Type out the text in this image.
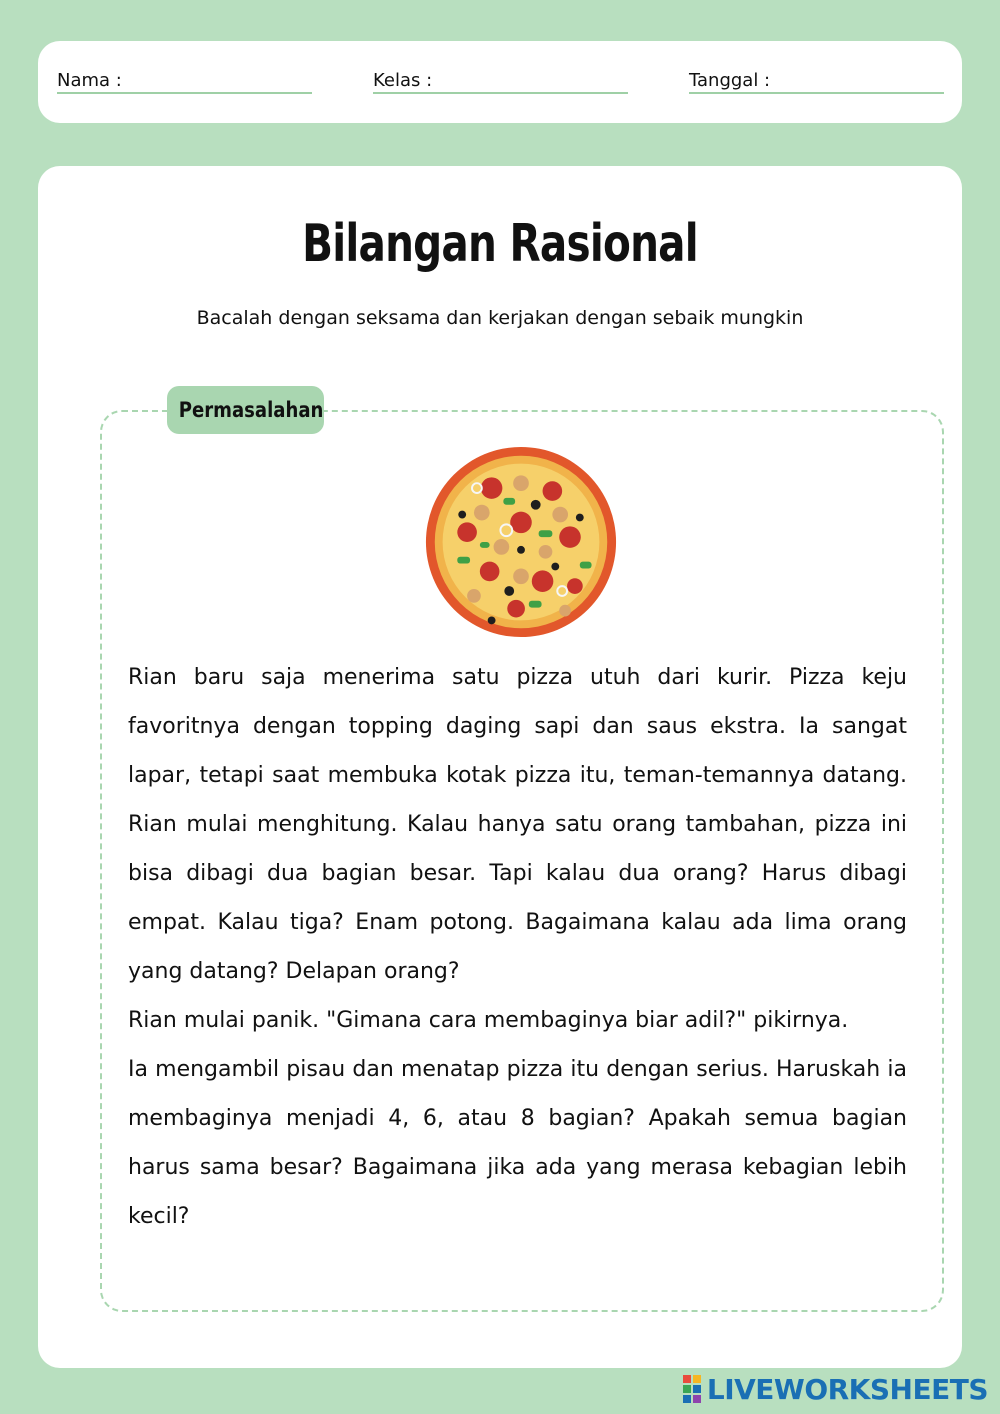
Nama :	Kelas :	Tanggal :
Bilangan Rasional
Bacalah dengan seksama dan kerjakan dengan sebaik mungkin
Permasalahan

Rian baru saja menerima satu pizza utuh dari kurir. Pizza keju favoritnya dengan topping daging sapi dan saus ekstra. Ia sangat lapar, tetapi saat membuka kotak pizza itu, teman-temannya datang. Rian mulai menghitung. Kalau hanya satu orang tambahan, pizza ini bisa dibagi dua bagian besar. Tapi kalau dua orang? Harus dibagi empat. Kalau tiga? Enam potong. Bagaimana kalau ada lima orang yang datang? Delapan orang?

Rian mulai panik. "Gimana cara membaginya biar adil?" pikirnya.

Ia mengambil pisau dan menatap pizza itu dengan serius. Haruskah ia membaginya menjadi 4, 6, atau 8 bagian? Apakah semua bagian harus sama besar? Bagaimana jika ada yang merasa kebagian lebih kecil?

LIVEWORKSHEETS
